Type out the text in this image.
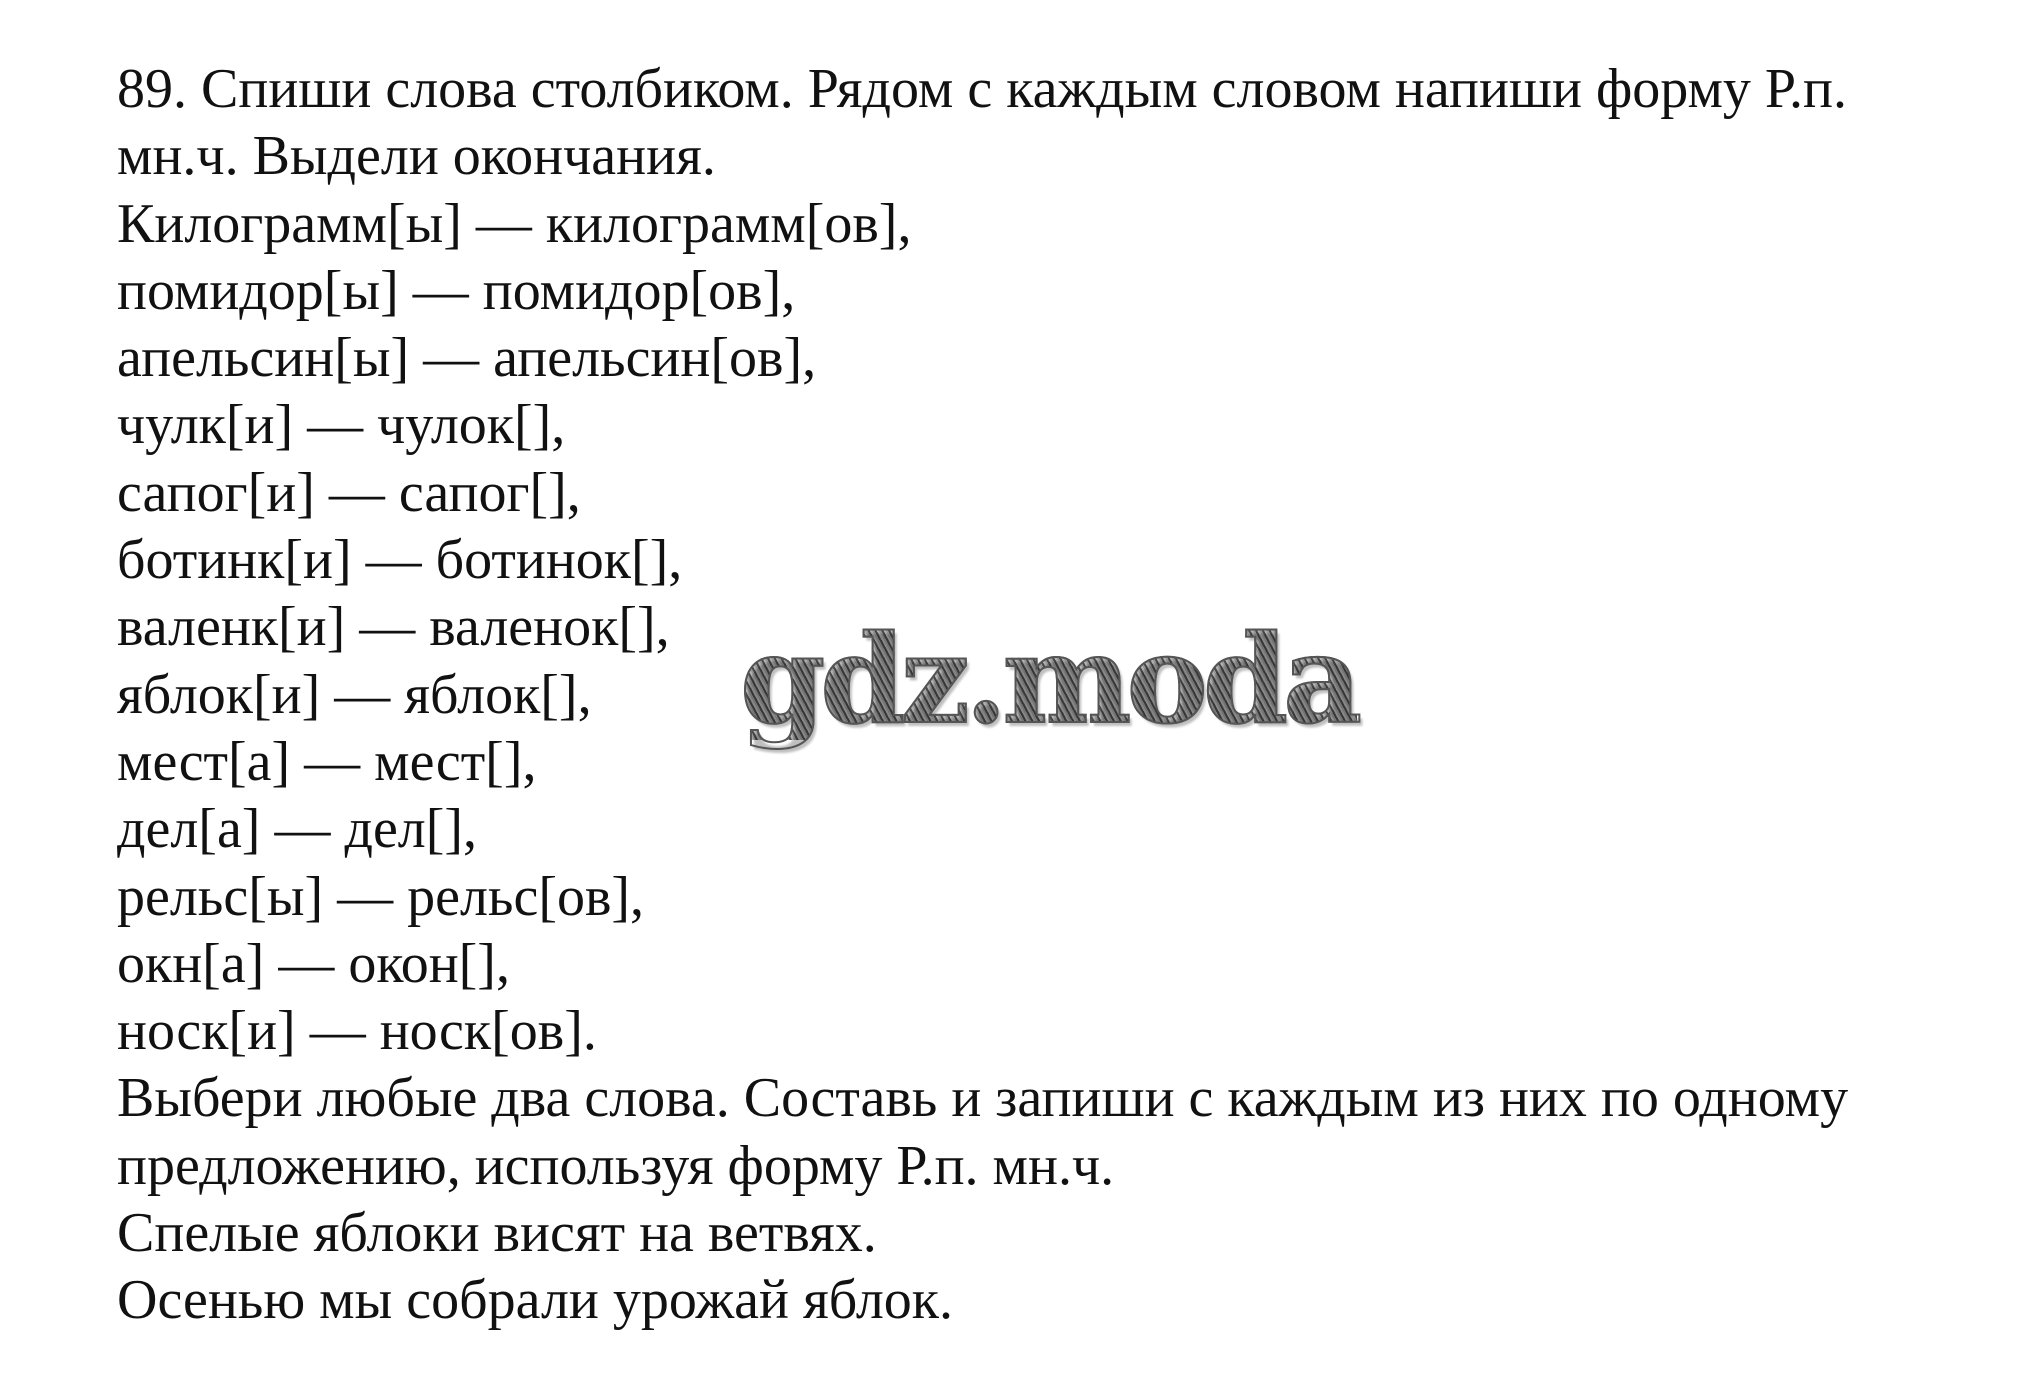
89. Спиши слова столбиком. Рядом с каждым словом напиши форму Р.п.
мн.ч. Выдели окончания.
Килограмм[ы] — килограмм[ов],
помидор[ы] — помидор[ов],
апельсин[ы] — апельсин[ов],
чулк[и] — чулок[],
сапог[и] — сапог[],
ботинк[и] — ботинок[],
валенк[и] — валенок[],
яблок[и] — яблок[],
мест[а] — мест[],
дел[а] — дел[],
рельс[ы] — рельс[ов],
окн[а] — окон[],
носк[и] — носк[ов].
Выбери любые два слова. Составь и запиши с каждым из них по одному
предложению, используя форму Р.п. мн.ч.
Спелые яблоки висят на ветвях.
Осенью мы собрали урожай яблок.
gdz.moda
